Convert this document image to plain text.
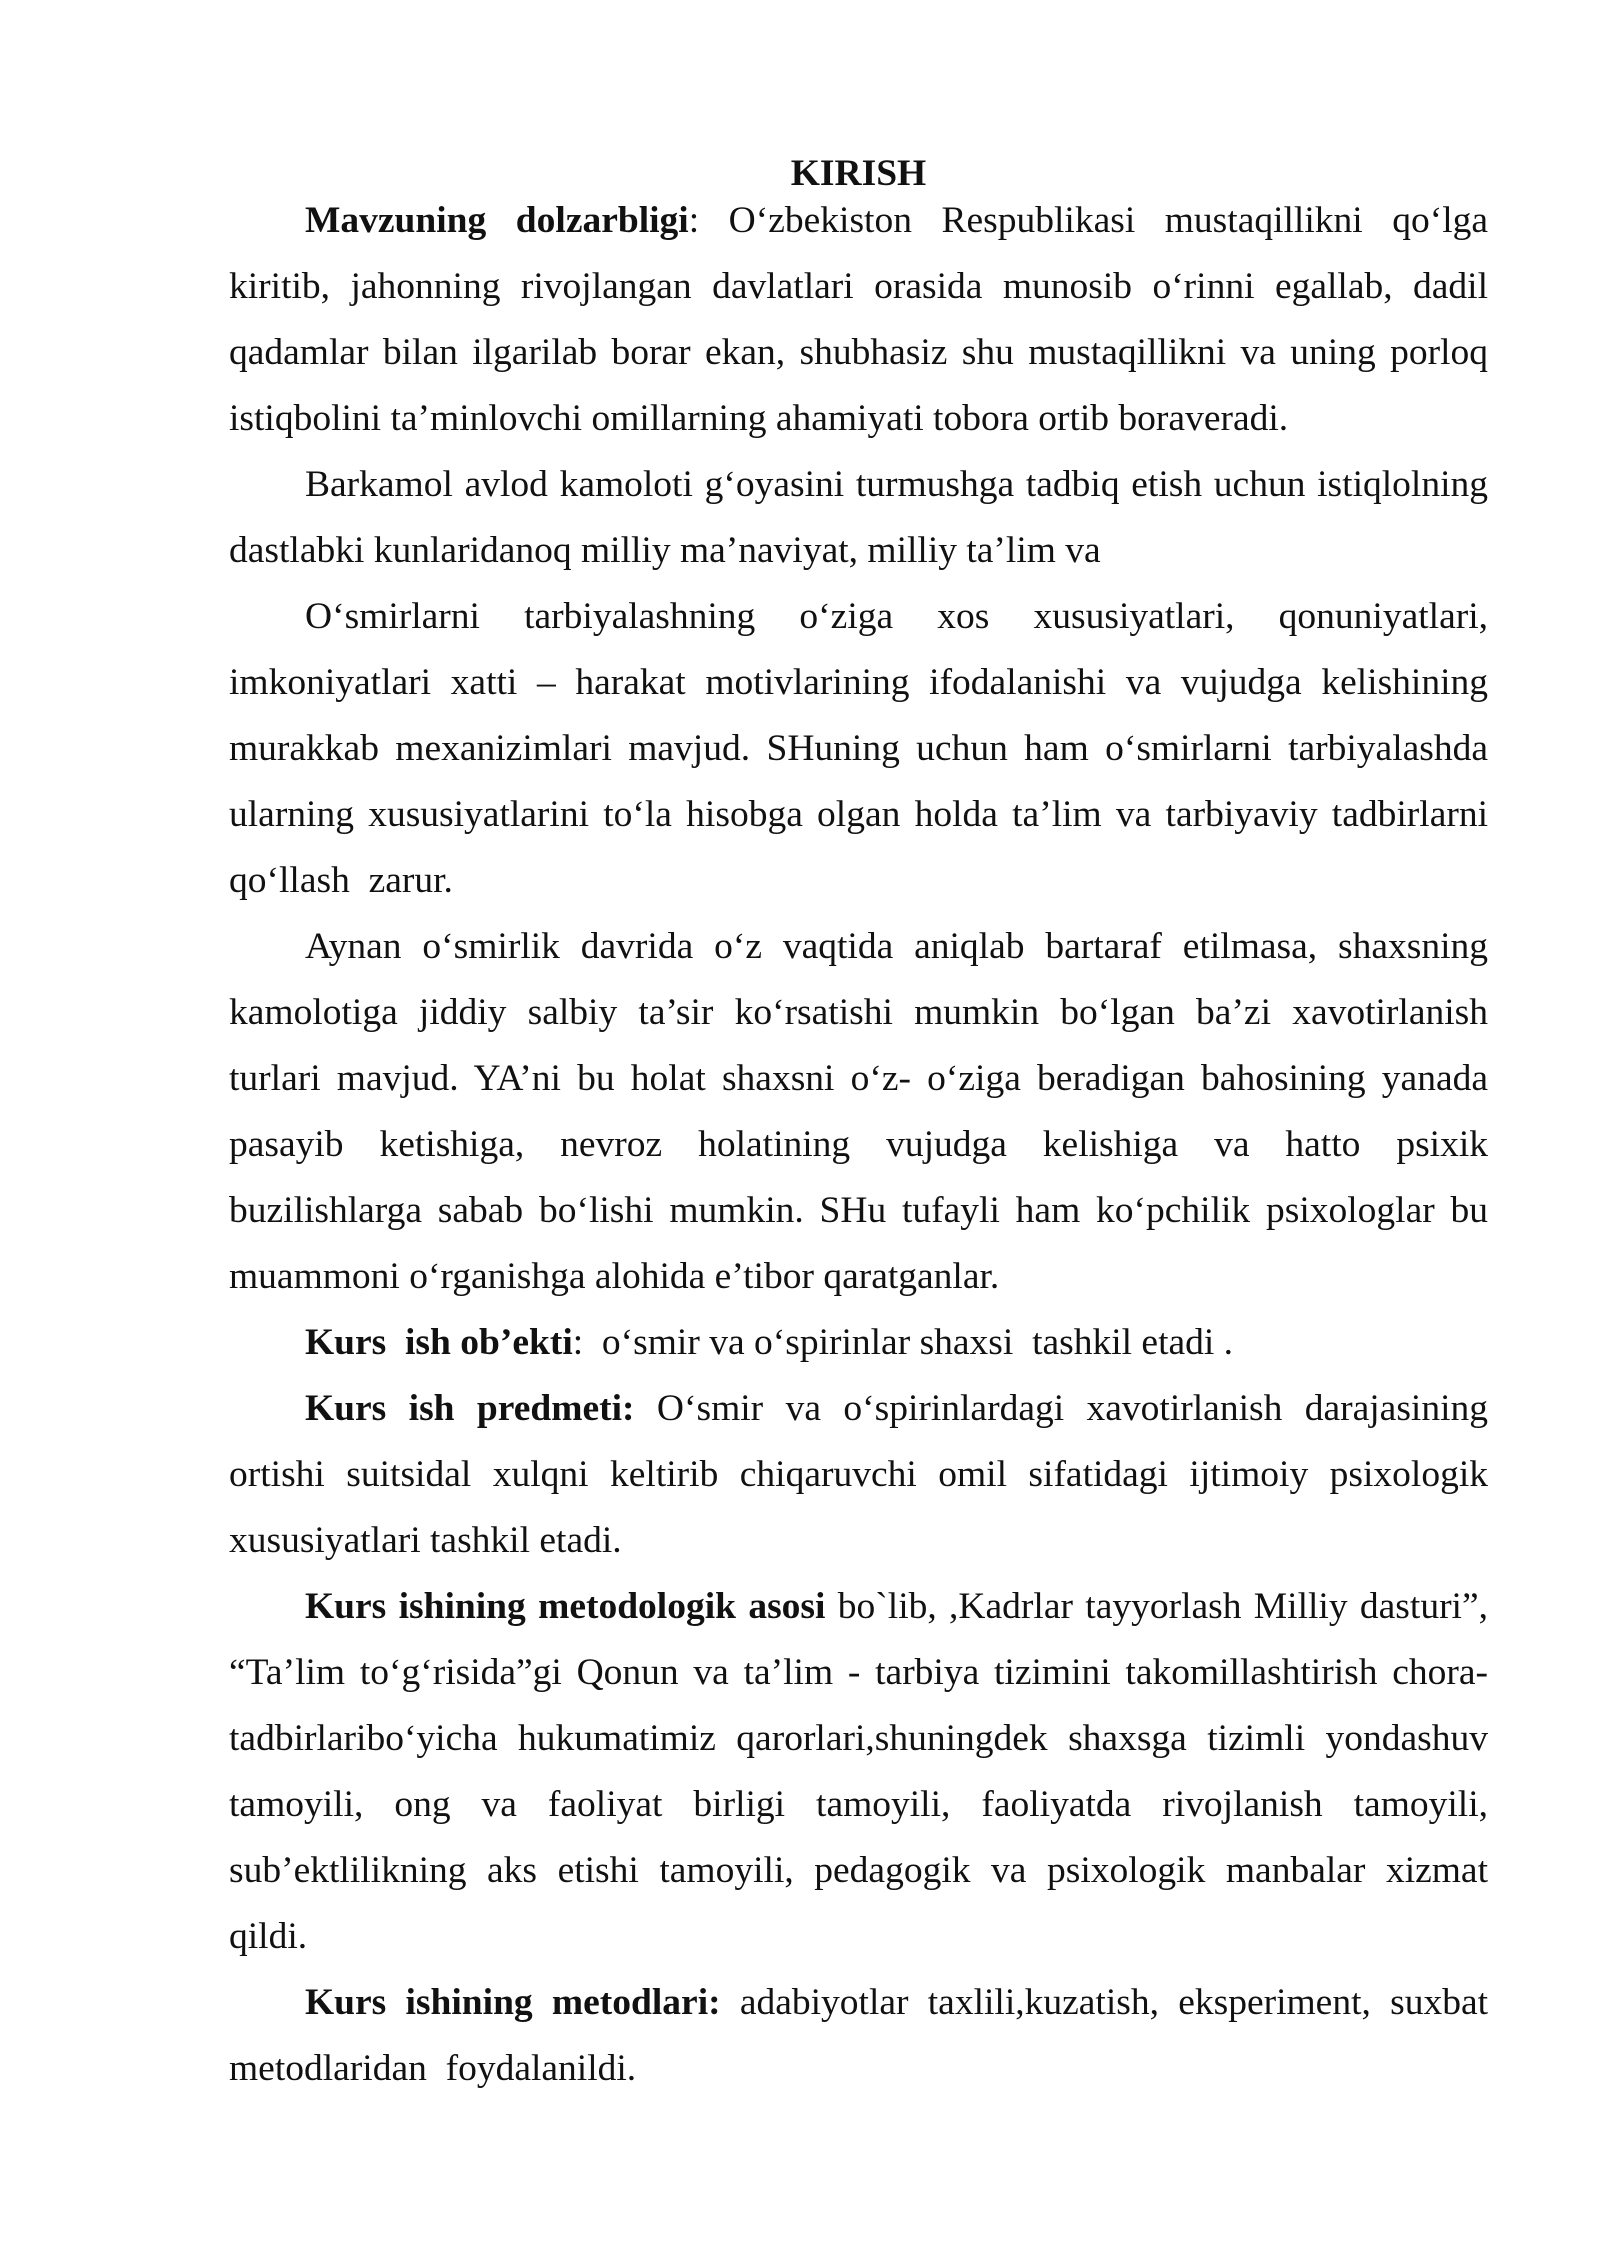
KIRISH
Mavzuning dolzarbligi: O‘zbekiston Respublikasi mustaqillikni qo‘lga
kiritib, jahonning rivojlangan davlatlari orasida munosib o‘rinni egallab, dadil
qadamlar bilan ilgarilab borar ekan, shubhasiz shu mustaqillikni va uning porloq
istiqbolini ta’minlovchi omillarning ahamiyati tobora ortib boraveradi.
Barkamol avlod kamoloti g‘oyasini turmushga tadbiq etish uchun istiqlolning
dastlabki kunlaridanoq milliy ma’naviyat, milliy ta’lim va
O‘smirlarni tarbiyalashning o‘ziga xos xususiyatlari, qonuniyatlari,
imkoniyatlari xatti – harakat motivlarining ifodalanishi va vujudga kelishining
murakkab mexanizimlari mavjud. SHuning uchun ham o‘smirlarni tarbiyalashda
ularning xususiyatlarini to‘la hisobga olgan holda ta’lim va tarbiyaviy tadbirlarni
qo‘llash  zarur.
Aynan o‘smirlik davrida o‘z vaqtida aniqlab bartaraf etilmasa, shaxsning
kamolotiga jiddiy salbiy ta’sir ko‘rsatishi mumkin bo‘lgan ba’zi xavotirlanish
turlari mavjud. YA’ni bu holat shaxsni o‘z- o‘ziga beradigan bahosining yanada
pasayib ketishiga, nevroz holatining vujudga kelishiga va hatto psixik
buzilishlarga sabab bo‘lishi mumkin. SHu tufayli ham ko‘pchilik psixologlar bu
muammoni o‘rganishga alohida e’tibor qaratganlar.
Kurs  ish ob’ekti:  o‘smir va o‘spirinlar shaxsi  tashkil etadi .
Kurs ish predmeti: O‘smir va o‘spirinlardagi xavotirlanish darajasining
ortishi suitsidal xulqni keltirib chiqaruvchi omil sifatidagi ijtimoiy psixologik
xususiyatlari tashkil etadi.
Kurs ishining metodologik asosi bo`lib, ,Kadrlar tayyorlash Milliy dasturi”,
“Ta’lim to‘g‘risida”gi Qonun va ta’lim - tarbiya tizimini takomillashtirish chora-
tadbirlaribo‘yicha hukumatimiz qarorlari,shuningdek shaxsga tizimli yondashuv
tamoyili, ong va faoliyat birligi tamoyili, faoliyatda rivojlanish tamoyili,
sub’ektlilikning aks etishi tamoyili, pedagogik va psixologik manbalar xizmat
qildi.
Kurs ishining metodlari: adabiyotlar taxlili,kuzatish, eksperiment, suxbat
metodlaridan  foydalanildi.
